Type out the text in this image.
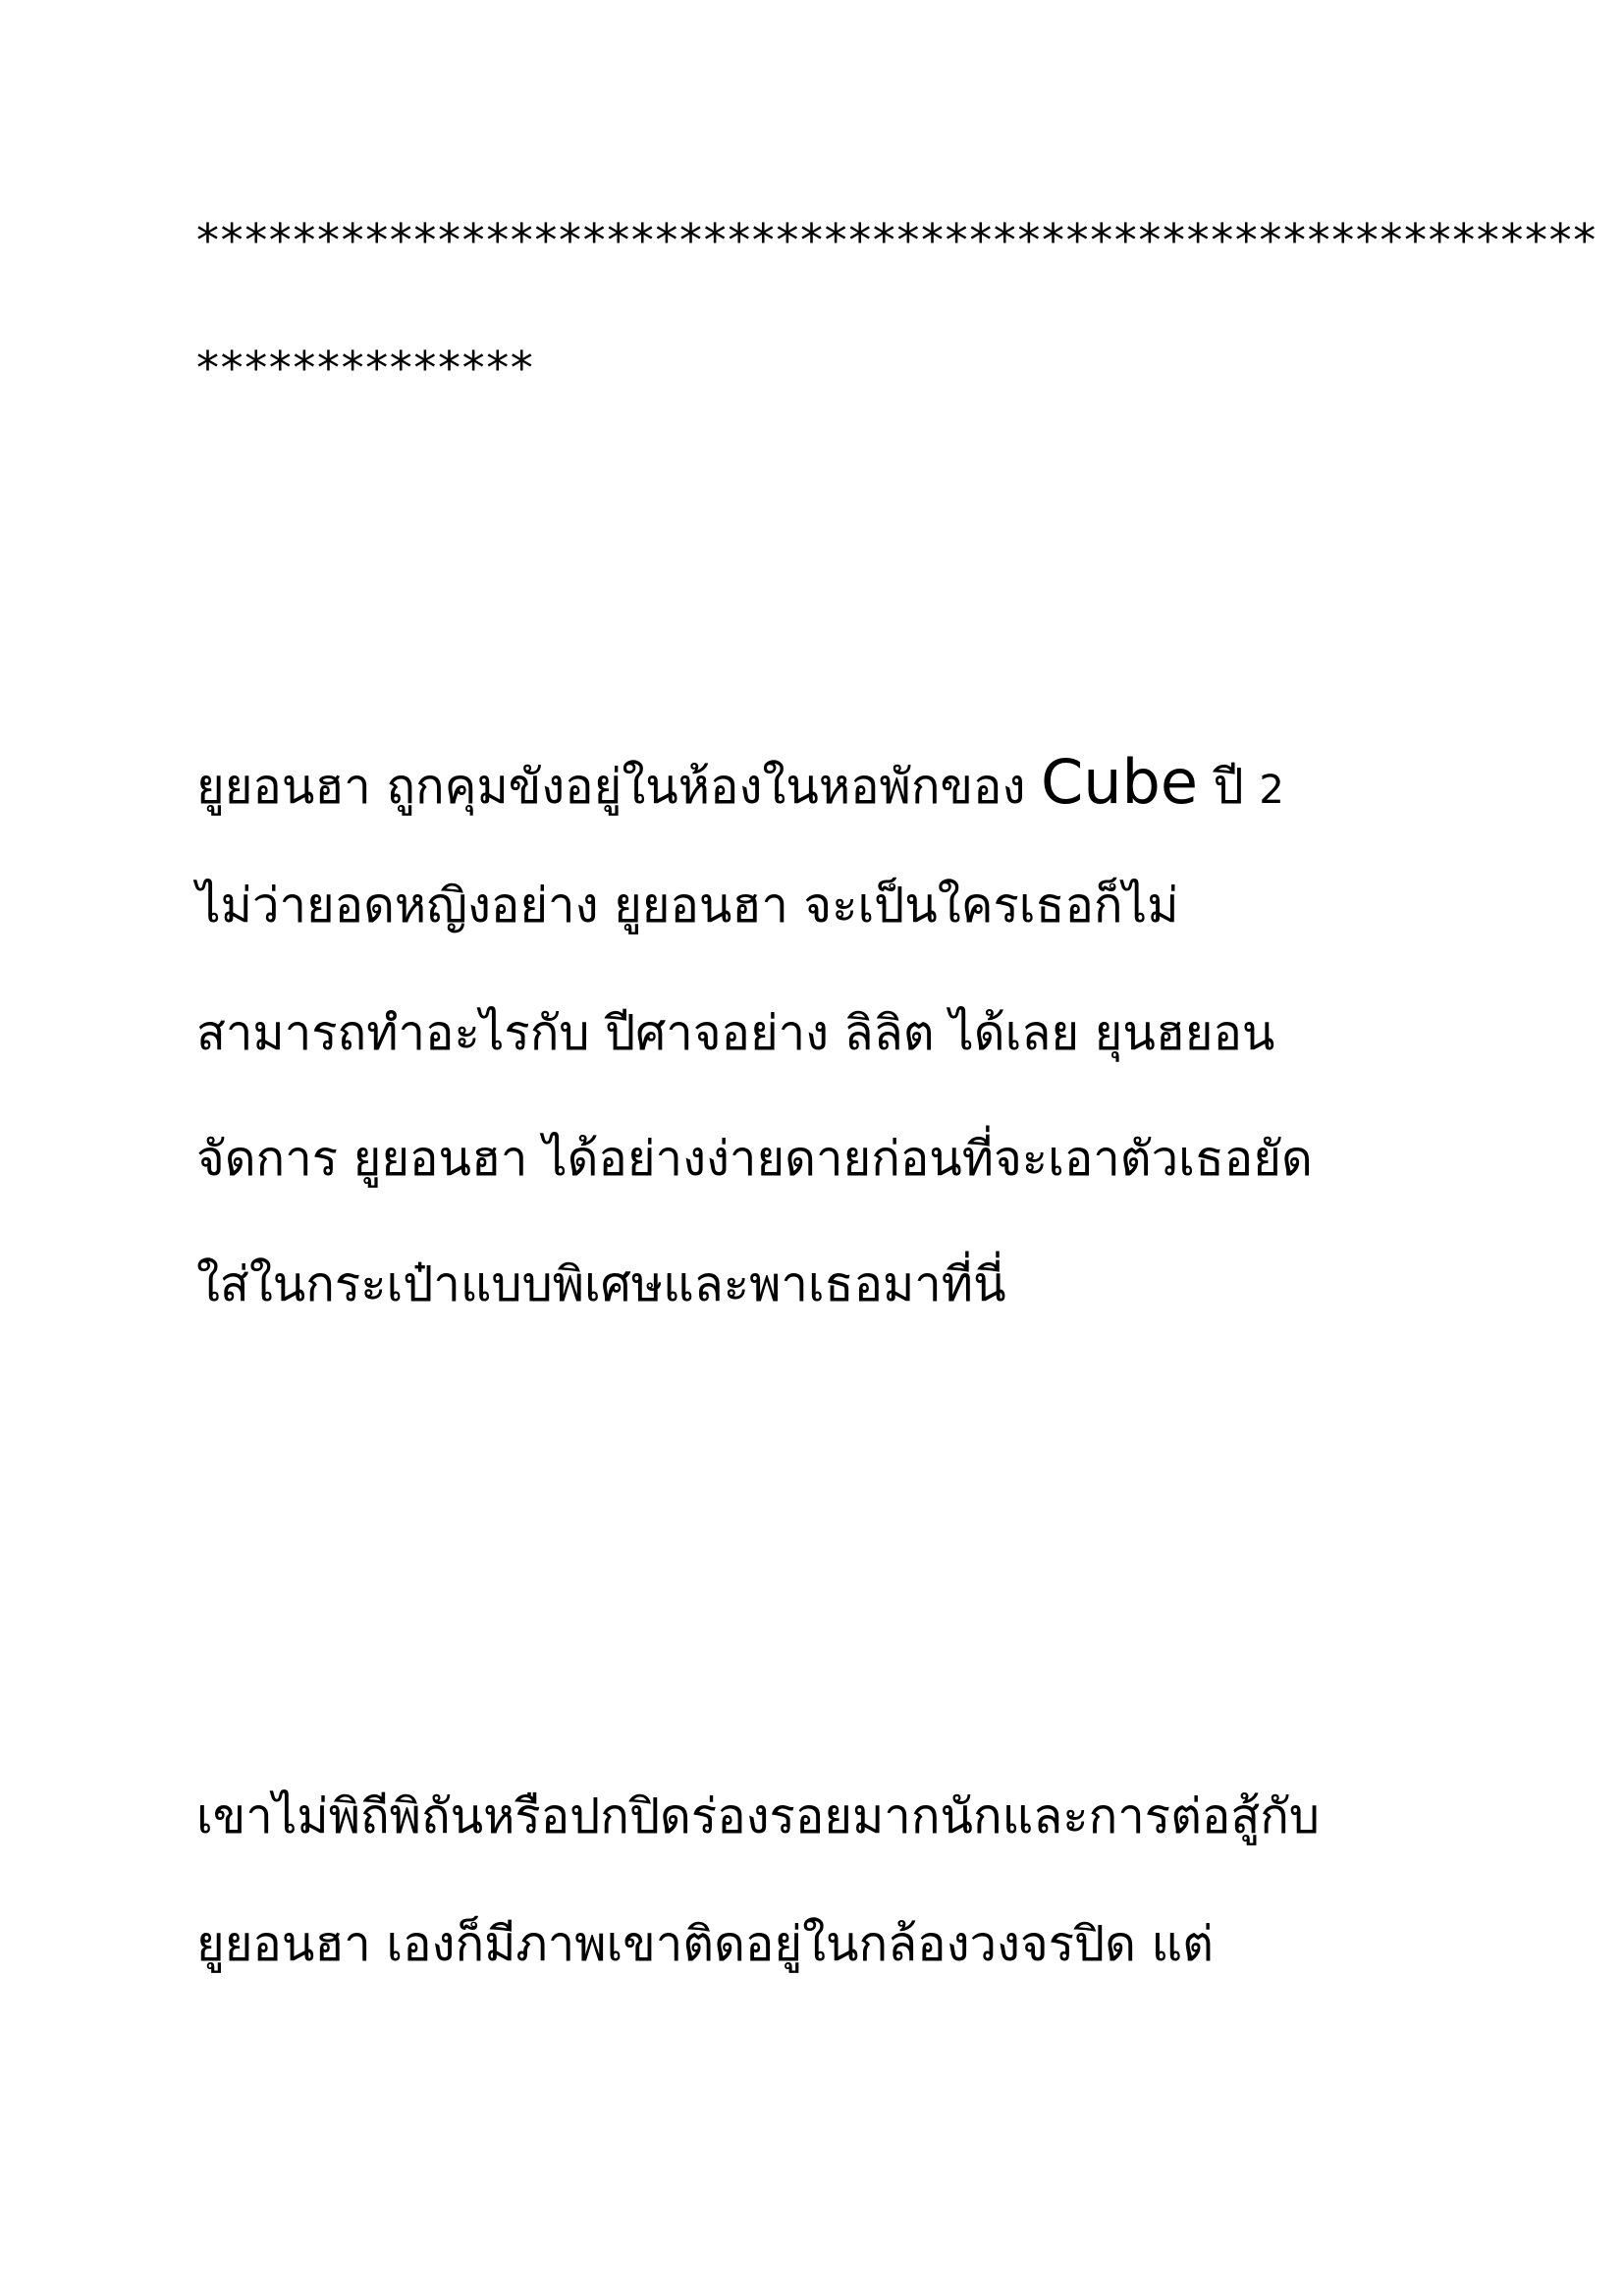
**********************************************************
**************
ยูยอนฮา ถูกคุมขังอยู่ในห้องในหอพักของ Cube ปี 2
ไม่ว่ายอดหญิงอย่าง ยูยอนฮา จะเป็นใครเธอก็ไม่
สามารถทำอะไรกับ ปีศาจอย่าง ลิลิต ได้เลย ยุนฮยอน
จัดการ ยูยอนฮา ได้อย่างง่ายดายก่อนที่จะเอาตัวเธอยัด
ใส่ในกระเป๋าแบบพิเศษและพาเธอมาที่นี่
เขาไม่พิถีพิถันหรือปกปิดร่องรอยมากนักและการต่อสู้กับ
ยูยอนฮา เองก็มีภาพเขาติดอยู่ในกล้องวงจรปิด แต่
